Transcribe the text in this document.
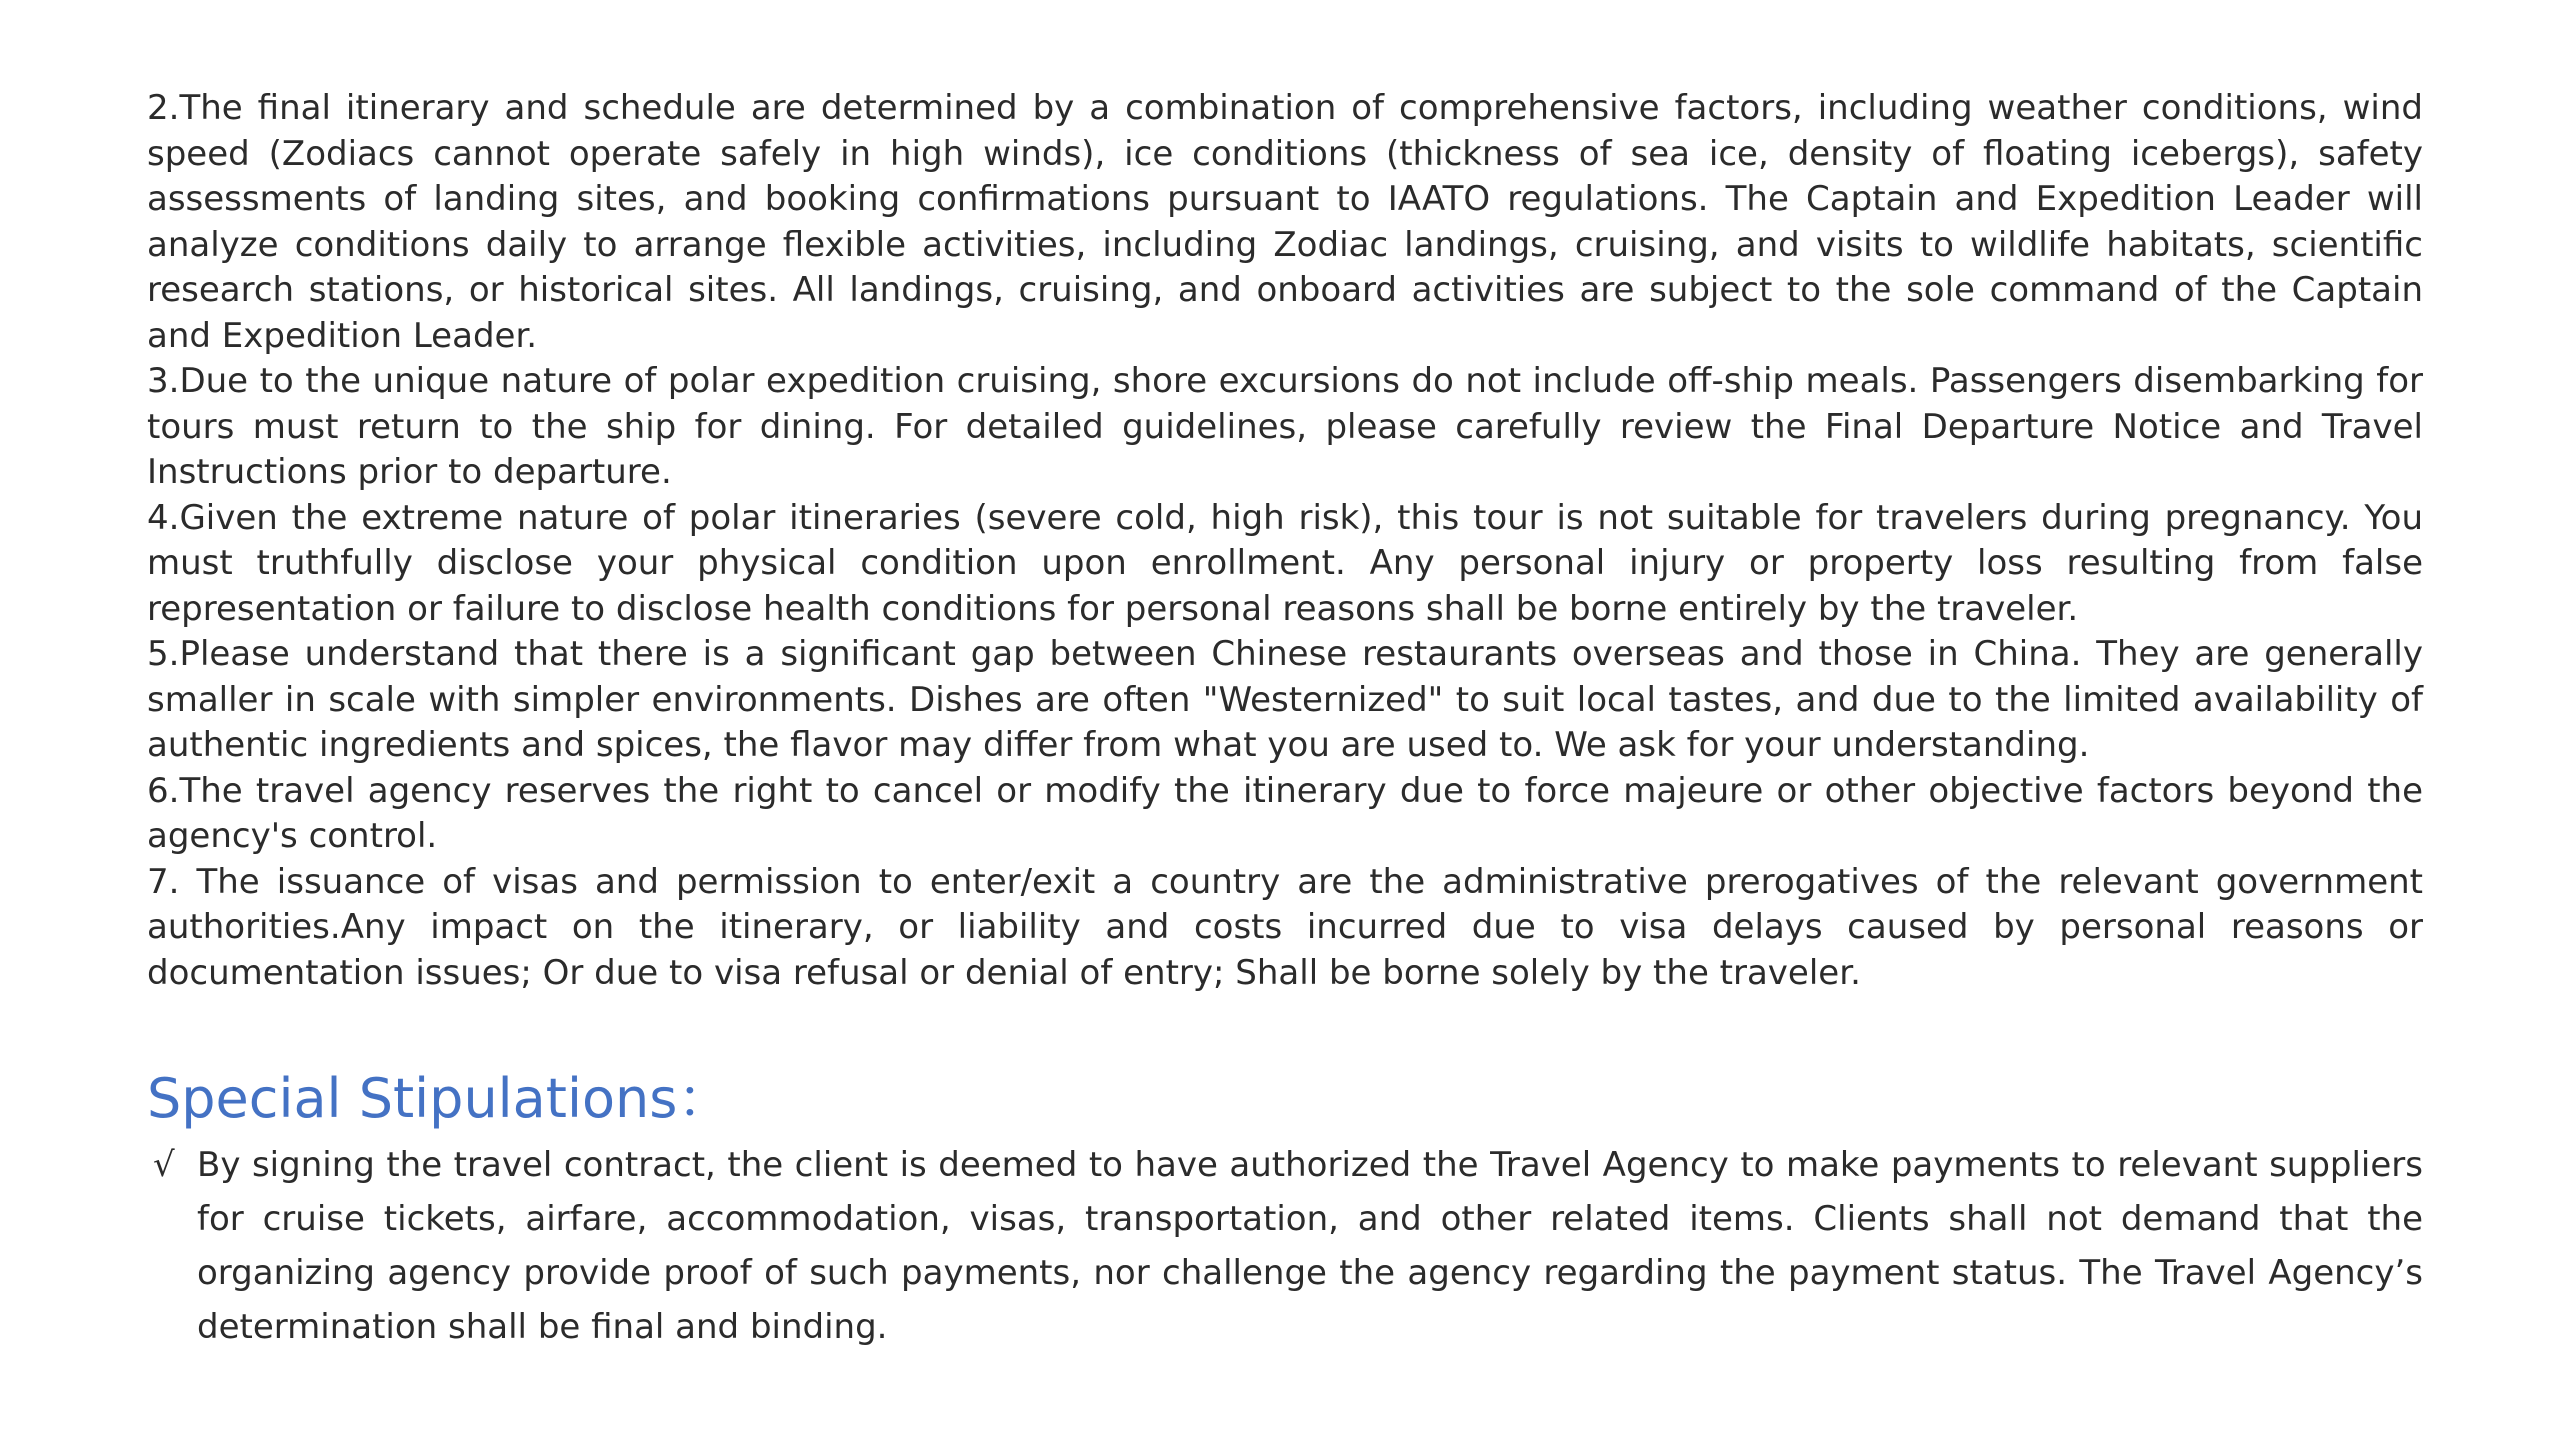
2.The final itinerary and schedule are determined by a combination of comprehensive factors, including weather conditions, wind speed (Zodiacs cannot operate safely in high winds), ice conditions (thickness of sea ice, density of floating icebergs), safety assessments of landing sites, and booking confirmations pursuant to IAATO regulations. The Captain and Expedition Leader will analyze conditions daily to arrange flexible activities, including Zodiac landings, cruising, and visits to wildlife habitats, scientific research stations, or historical sites. All landings, cruising, and onboard activities are subject to the sole command of the Captain and Expedition Leader.

3.Due to the unique nature of polar expedition cruising, shore excursions do not include off-ship meals. Passengers disembarking for tours must return to the ship for dining. For detailed guidelines, please carefully review the Final Departure Notice and Travel Instructions prior to departure.

4.Given the extreme nature of polar itineraries (severe cold, high risk), this tour is not suitable for travelers during pregnancy. You must truthfully disclose your physical condition upon enrollment. Any personal injury or property loss resulting from false representation or failure to disclose health conditions for personal reasons shall be borne entirely by the traveler.

5.Please understand that there is a significant gap between Chinese restaurants overseas and those in China. They are generally smaller in scale with simpler environments. Dishes are often "Westernized" to suit local tastes, and due to the limited availability of authentic ingredients and spices, the flavor may differ from what you are used to. We ask for your understanding.

6.The travel agency reserves the right to cancel or modify the itinerary due to force majeure or other objective factors beyond the agency's control.

7. The issuance of visas and permission to enter/exit a country are the administrative prerogatives of the relevant government authorities.Any impact on the itinerary, or liability and costs incurred due to visa delays caused by personal reasons or documentation issues; Or due to visa refusal or denial of entry; Shall be borne solely by the traveler.

Special Stipulations：
√ By signing the travel contract, the client is deemed to have authorized the Travel Agency to make payments to relevant suppliers for cruise tickets, airfare, accommodation, visas, transportation, and other related items. Clients shall not demand that the organizing agency provide proof of such payments, nor challenge the agency regarding the payment status. The Travel Agency’s determination shall be final and binding.
